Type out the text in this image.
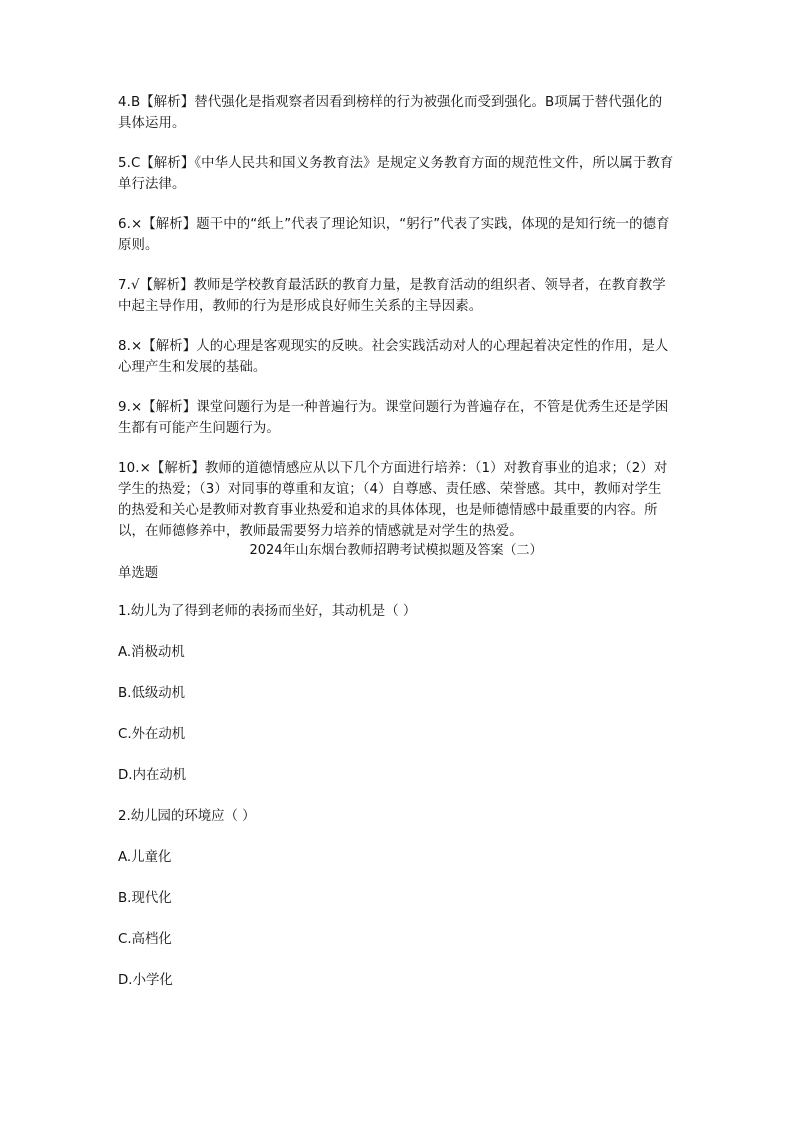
4.B【解析】替代强化是指观察者因看到榜样的行为被强化而受到强化。B项属于替代强化的具体运用。

5.C【解析】《中华人民共和国义务教育法》是规定义务教育方面的规范性文件，所以属于教育单行法律。

6.×【解析】题干中的“纸上”代表了理论知识，“躬行”代表了实践，体现的是知行统一的德育原则。

7.√【解析】教师是学校教育最活跃的教育力量，是教育活动的组织者、领导者，在教育教学中起主导作用，教师的行为是形成良好师生关系的主导因素。

8.×【解析】人的心理是客观现实的反映。社会实践活动对人的心理起着决定性的作用，是人心理产生和发展的基础。

9.×【解析】课堂问题行为是一种普遍行为。课堂问题行为普遍存在，不管是优秀生还是学困生都有可能产生问题行为。

10.×【解析】教师的道德情感应从以下几个方面进行培养：（1）对教育事业的追求；（2）对学生的热爱；（3）对同事的尊重和友谊；（4）自尊感、责任感、荣誉感。其中，教师对学生的热爱和关心是教师对教育事业热爱和追求的具体体现，也是师德情感中最重要的内容。所以，在师德修养中，教师最需要努力培养的情感就是对学生的热爱。

2024年山东烟台教师招聘考试模拟题及答案（二）

单选题

1.幼儿为了得到老师的表扬而坐好，其动机是（ ）

A.消极动机

B.低级动机

C.外在动机

D.内在动机

2.幼儿园的环境应（ ）

A.儿童化

B.现代化

C.高档化

D.小学化
